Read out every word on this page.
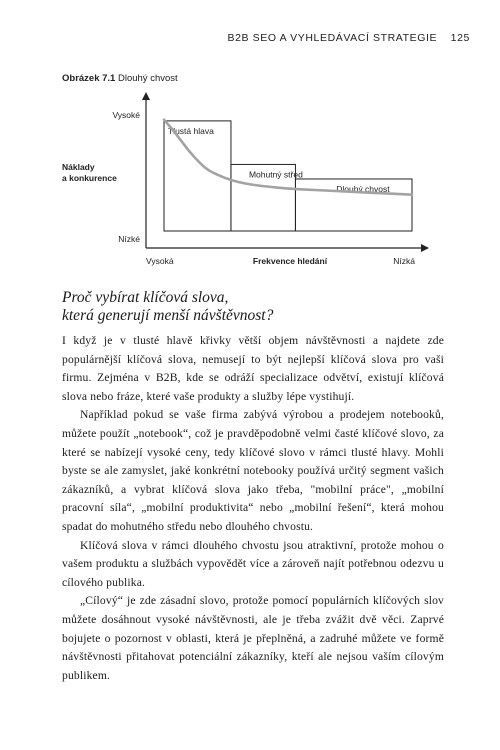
B2B SEO A VYHLEDÁVACÍ STRATEGIE 125
Obrázek 7.1 Dlouhý chvost
Vysoké
Nízké
Náklady
a konkurence
Vysoká	Frekvence hledání	Nízká
Tlustá hlava
Mohutný střed
Dlouhý chvost
Proč vybírat klíčová slova,
která generují menší návštěvnost?

I když je v tlusté hlavě křivky větší objem návštěvnosti a najdete zde populárnější klíčová slova, nemusejí to být nejlepší klíčová slova pro vaši firmu. Zejména v B2B, kde se odráží specializace odvětví, existují klíčová slova nebo fráze, které vaše produkty a služby lépe vystihují.

Například pokud se vaše firma zabývá výrobou a prodejem notebooků, můžete použít „notebook“, což je pravděpodobně velmi časté klíčové slovo, za které se nabízejí vysoké ceny, tedy klíčové slovo v rámci tlusté hlavy. Mohli byste se ale zamyslet, jaké konkrétní notebooky používá určitý segment vašich zákazníků, a vybrat klíčová slova jako třeba, "mobilní práce", „mobilní pracovní síla“, „mobilní produktivita“ nebo „mobilní řešení“, která mohou spadat do mohutného středu nebo dlouhého chvostu.

Klíčová slova v rámci dlouhého chvostu jsou atraktivní, protože mohou o vašem produktu a službách vypovědět více a zároveň najít potřebnou odezvu u cílového publika.

„Cílový“ je zde zásadní slovo, protože pomocí populárních klíčových slov můžete dosáhnout vysoké návštěvnosti, ale je třeba zvážit dvě věci. Zaprvé bojujete o pozornost v oblasti, která je přeplněná, a zadruhé můžete ve formě návštěvnosti přitahovat potenciální zákazníky, kteří ale nejsou vaším cílovým publikem.
